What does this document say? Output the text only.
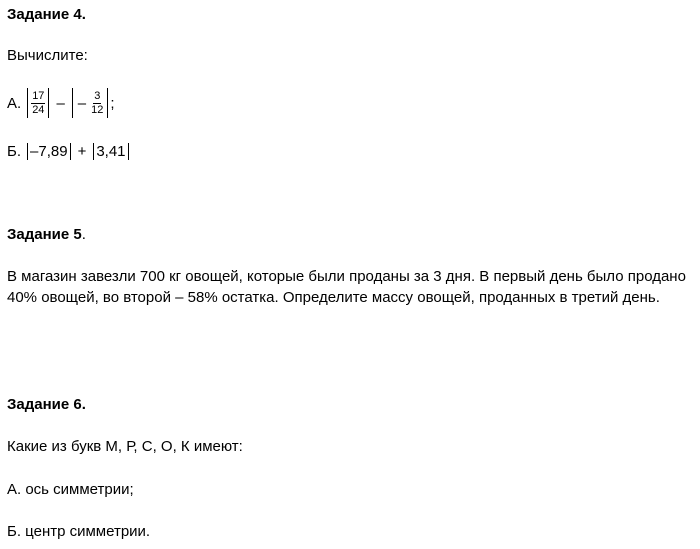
Задание 4.
Вычислите:
А. $\frac{17}{24}$ – – $\frac{3}{12}$ ;
Б. –7,89 + 3,41
Задание 5.
В магазин завезли 700 кг овощей, которые были проданы за 3 дня. В первый день было продано 40% овощей, во второй – 58% остатка. Определите массу овощей, проданных в третий день.
Задание 6.
Какие из букв М, Р, С, О, К имеют:
А. ось симметрии;
Б. центр симметрии.
